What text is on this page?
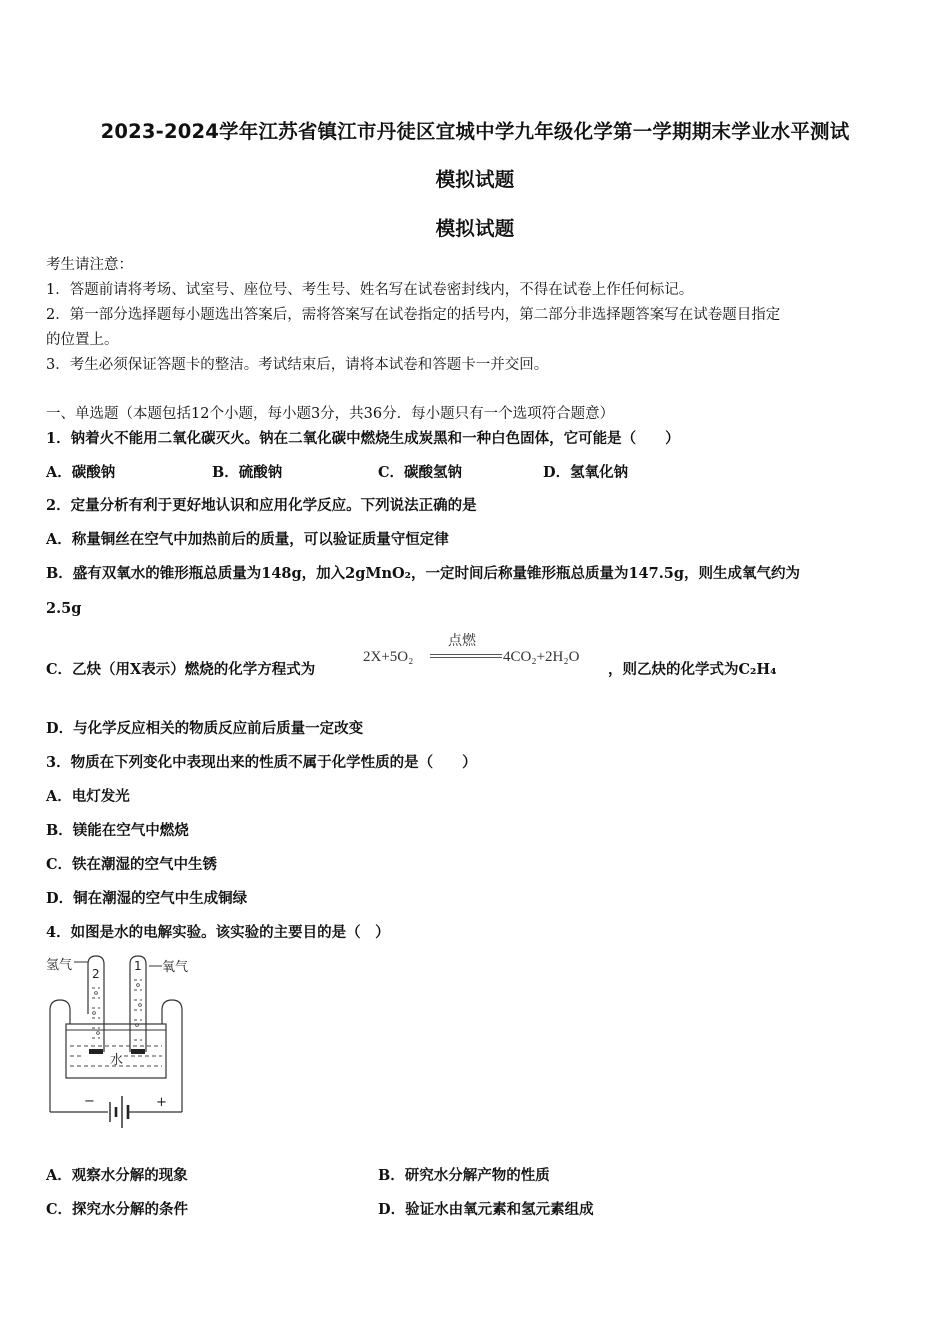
2023-2024学年江苏省镇江市丹徒区宜城中学九年级化学第一学期期末学业水平测试
模拟试题
模拟试题
考生请注意：
1．答题前请将考场、试室号、座位号、考生号、姓名写在试卷密封线内，不得在试卷上作任何标记。
2．第一部分选择题每小题选出答案后，需将答案写在试卷指定的括号内，第二部分非选择题答案写在试卷题目指定
的位置上。
3．考生必须保证答题卡的整洁。考试结束后，请将本试卷和答题卡一并交回。
一、单选题（本题包括12个小题，每小题3分，共36分．每小题只有一个选项符合题意）
1．钠着火不能用二氧化碳灭火。钠在二氧化碳中燃烧生成炭黑和一种白色固体，它可能是（　　）
A．碳酸钠	B．硫酸钠	C．碳酸氢钠	D．氢氧化钠
2．定量分析有利于更好地认识和应用化学反应。下列说法正确的是
A．称量铜丝在空气中加热前后的质量，可以验证质量守恒定律
B．盛有双氧水的锥形瓶总质量为148g，加入2gMnO₂，一定时间后称量锥形瓶总质量为147.5g，则生成氧气约为
2.5g
C．乙炔（用X表示）燃烧的化学方程式为
2X+5O₂
点燃
4CO₂+2H₂O
，则乙炔的化学式为C₂H₄
D．与化学反应相关的物质反应前后质量一定改变
3．物质在下列变化中表现出来的性质不属于化学性质的是（　　）
A．电灯发光
B．镁能在空气中燃烧
C．铁在潮湿的空气中生锈
D．铜在潮湿的空气中生成铜绿
4．如图是水的电解实验。该实验的主要目的是（　）
氢气	氧气
2
1
水
−	+
A．观察水分解的现象	B．研究水分解产物的性质
C．探究水分解的条件	D．验证水由氧元素和氢元素组成
